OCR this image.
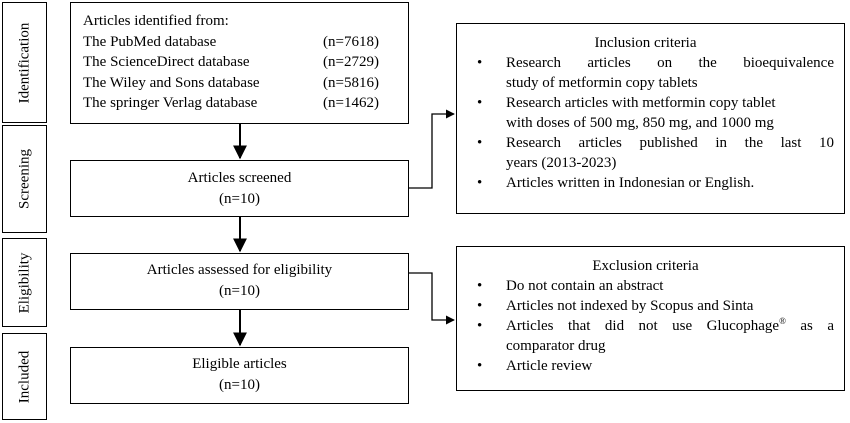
Identification
Screening
Eligibility
Included
Articles identified from:
The PubMed database	(n=7618)
The ScienceDirect database	(n=2729)
The Wiley and Sons database	(n=5816)
The springer Verlag database	(n=1462)
Articles screened
(n=10)
Articles assessed for eligibility
(n=10)
Eligible articles
(n=10)
Inclusion criteria
• Research articles on the bioequivalence
study of metformin copy tablets
• Research articles with metformin copy tablet
with doses of 500 mg, 850 mg, and 1000 mg
• Research articles published in the last 10
years (2013-2023)
• Articles written in Indonesian or English.
Exclusion criteria
• Do not contain an abstract
• Articles not indexed by Scopus and Sinta
• Articles that did not use Glucophage® as a
comparator drug
• Article review
